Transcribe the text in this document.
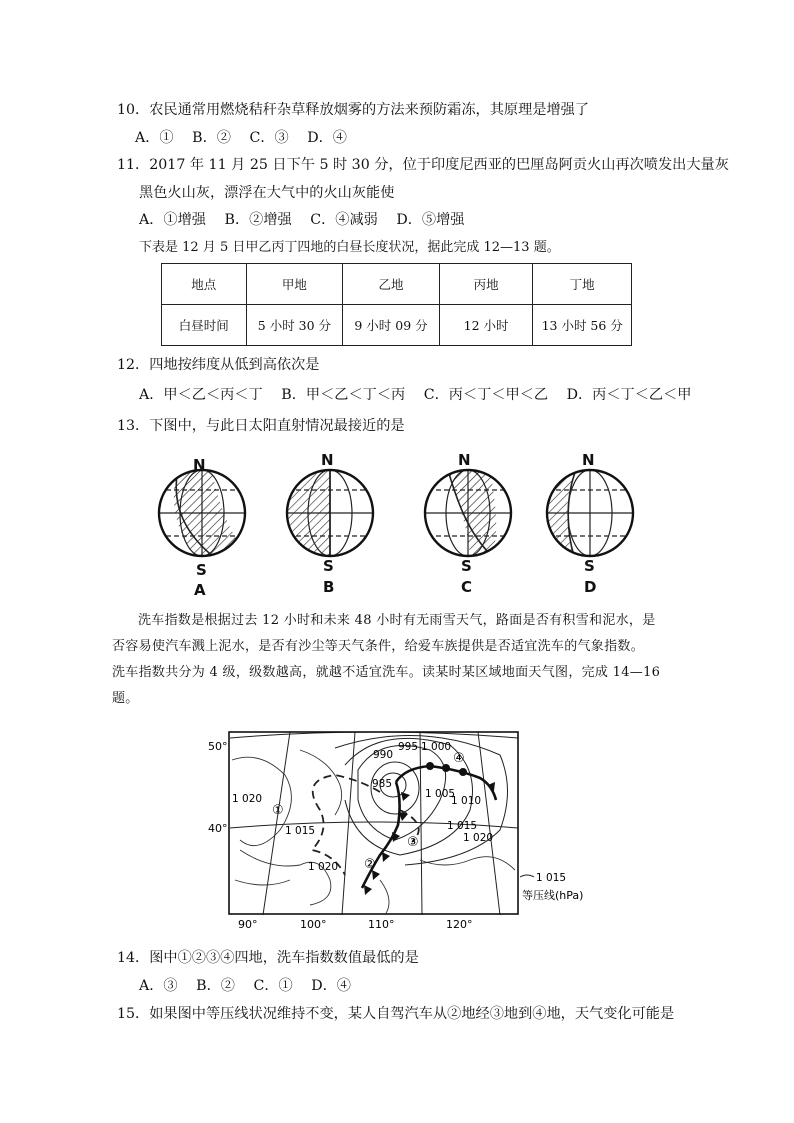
10．农民通常用燃烧秸秆杂草释放烟雾的方法来预防霜冻，其原理是增强了
A．① B．② C．③ D．④
11．2017 年 11 月 25 日下午 5 时 30 分，位于印度尼西亚的巴厘岛阿贡火山再次喷发出大量灰
黑色火山灰，漂浮在大气中的火山灰能使
A．①增强 B．②增强 C．④减弱 D．⑤增强
下表是 12 月 5 日甲乙丙丁四地的白昼长度状况，据此完成 12—13 题。
地点	甲地	乙地	丙地	丁地
白昼时间	5 小时 30 分	9 小时 09 分	12 小时	13 小时 56 分
12．四地按纬度从低到高依次是
A．甲＜乙＜丙＜丁 B．甲＜乙＜丁＜丙 C．丙＜丁＜甲＜乙 D．丙＜丁＜乙＜甲
13．下图中，与此日太阳直射情况最接近的是
N
S
A
N
S
B
N
S
C
N
S
D

洗车指数是根据过去 12 小时和未来 48 小时有无雨雪天气，路面是否有积雪和泥水，是

否容易使汽车溅上泥水，是否有沙尘等天气条件，给爱车族提供是否适宜洗车的气象指数。

洗车指数共分为 4 级，级数越高，就越不适宜洗车。读某时某区域地面天气图，完成 14—16

题。

50°
40°
90°	100°	110°	120°
990
995 1 000
985
1 020	1 005
1 010
1 015	1 015
1 020
1 020
①
②
③
④
1 015
等压线(hPa)
14．图中①②③④四地，洗车指数数值最低的是
A．③ B．② C．① D．④
15．如果图中等压线状况维持不变，某人自驾汽车从②地经③地到④地，天气变化可能是
